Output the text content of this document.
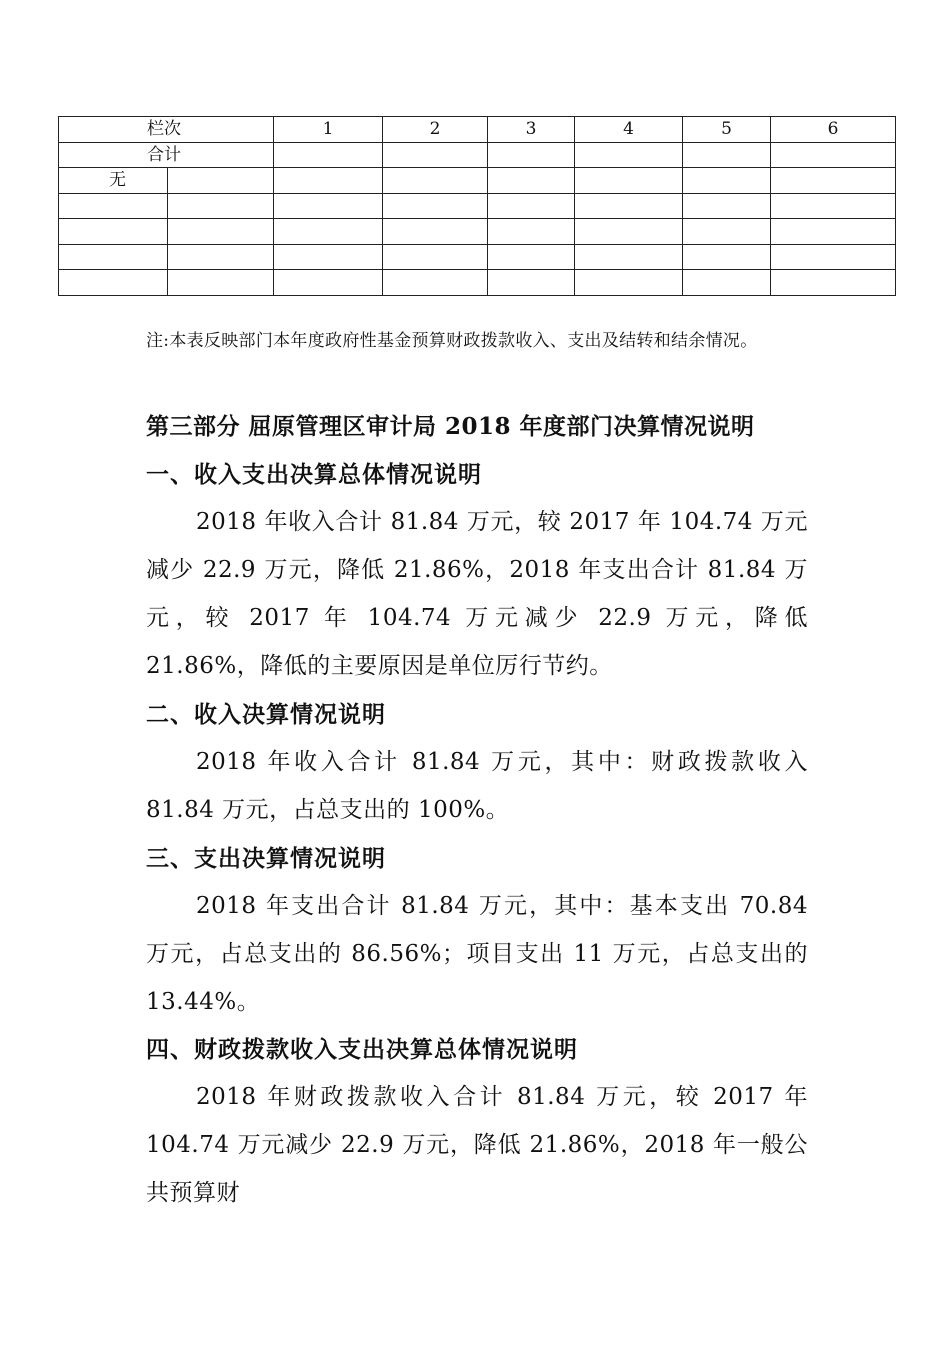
栏次		1	2	3	4	5	6
合计							
无							

注:本表反映部门本年度政府性基金预算财政拨款收入、支出及结转和结余情况。

第三部分 屈原管理区审计局 2018 年度部门决算情况说明
一、收入支出决算总体情况说明

2018 年收入合计 81.84 万元，较 2017 年 104.74 万元减少 22.9 万元，降低 21.86%，2018 年支出合计 81.84 万元，较 2017 年 104.74 万元减少 22.9 万元，降低 21.86%，降低的主要原因是单位厉行节约。

二、收入决算情况说明

2018 年收入合计 81.84 万元，其中：财政拨款收入 81.84 万元，占总支出的 100%。

三、支出决算情况说明

2018 年支出合计 81.84 万元，其中：基本支出 70.84 万元，占总支出的 86.56%；项目支出 11 万元，占总支出的 13.44%。

四、财政拨款收入支出决算总体情况说明

2018 年财政拨款收入合计 81.84 万元，较 2017 年 104.74 万元减少 22.9 万元，降低 21.86%，2018 年一般公共预算财
